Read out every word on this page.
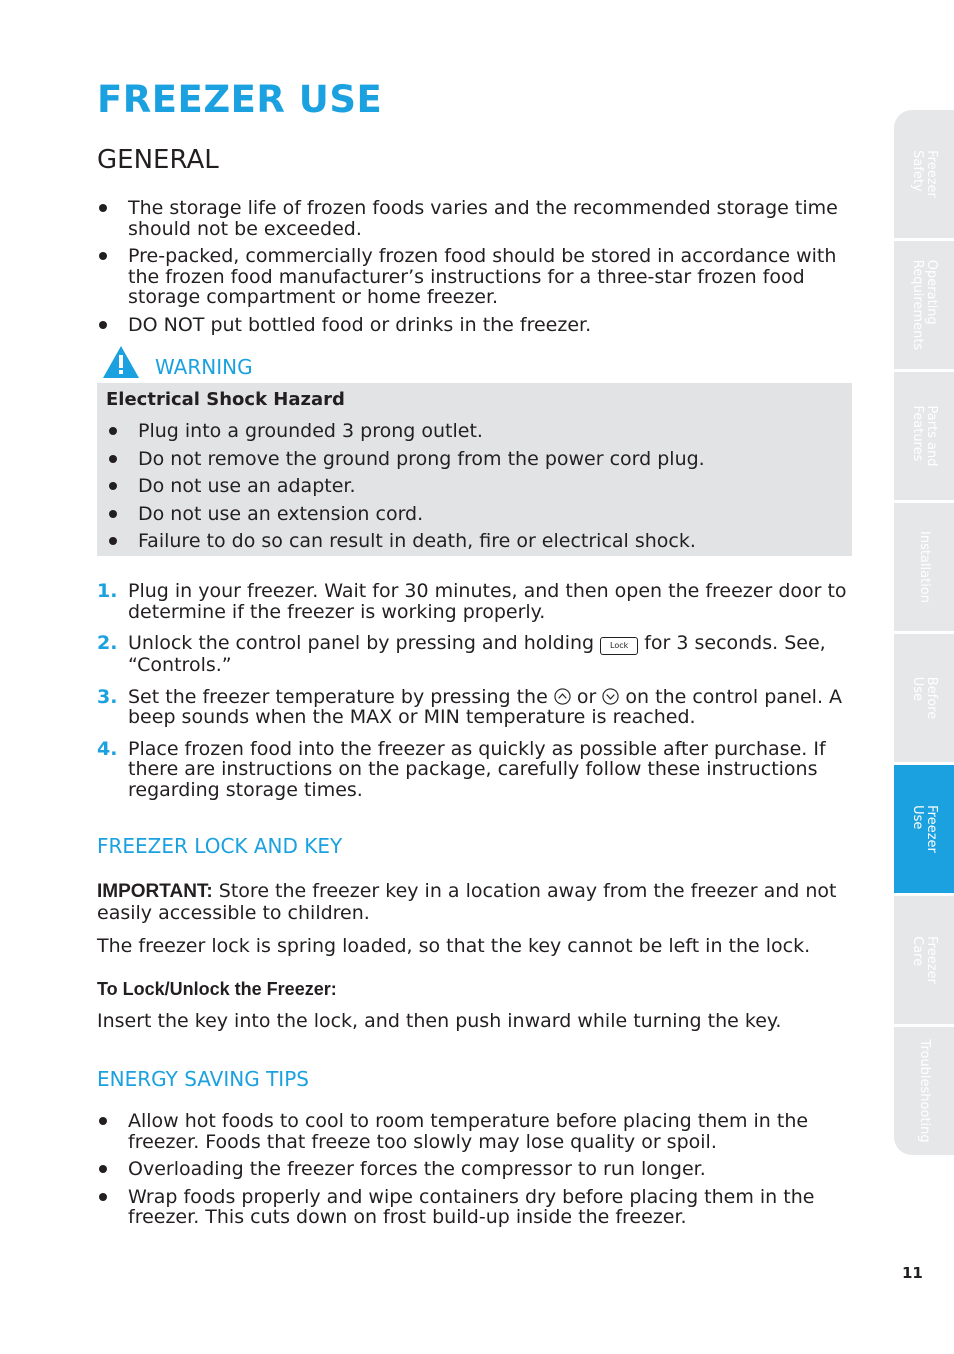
FREEZER USE
GENERAL
The storage life of frozen foods varies and the recommended storage time should not be exceeded.
Pre-packed, commercially frozen food should be stored in accordance with the frozen food manufacturer’s instructions for a three-star frozen food storage compartment or home freezer.
DO NOT put bottled food or drinks in the freezer.
WARNING
Electrical Shock Hazard
Plug into a grounded 3 prong outlet.
Do not remove the ground prong from the power cord plug.
Do not use an adapter.
Do not use an extension cord.
Failure to do so can result in death, fire or electrical shock.
1. Plug in your freezer. Wait for 30 minutes, and then open the freezer door to determine if the freezer is working properly.
2. Unlock the control panel by pressing and holding Lock for 3 seconds. See, “Controls.”
3. Set the freezer temperature by pressing the or on the control panel. A beep sounds when the MAX or MIN temperature is reached.
4. Place frozen food into the freezer as quickly as possible after purchase. If there are instructions on the package, carefully follow these instructions regarding storage times.
FREEZER LOCK AND KEY
IMPORTANT: Store the freezer key in a location away from the freezer and not easily accessible to children.
The freezer lock is spring loaded, so that the key cannot be left in the lock.
To Lock/Unlock the Freezer:
Insert the key into the lock, and then push inward while turning the key.
ENERGY SAVING TIPS
Allow hot foods to cool to room temperature before placing them in the freezer. Foods that freeze too slowly may lose quality or spoil.
Overloading the freezer forces the compressor to run longer.
Wrap foods properly and wipe containers dry before placing them in the freezer. This cuts down on frost build-up inside the freezer.
Freezer
Safety
Operating
Requirements
Parts and
Features
Installation
Before
Use
Freezer
Use
Freezer
Care
Troubleshooting
11
